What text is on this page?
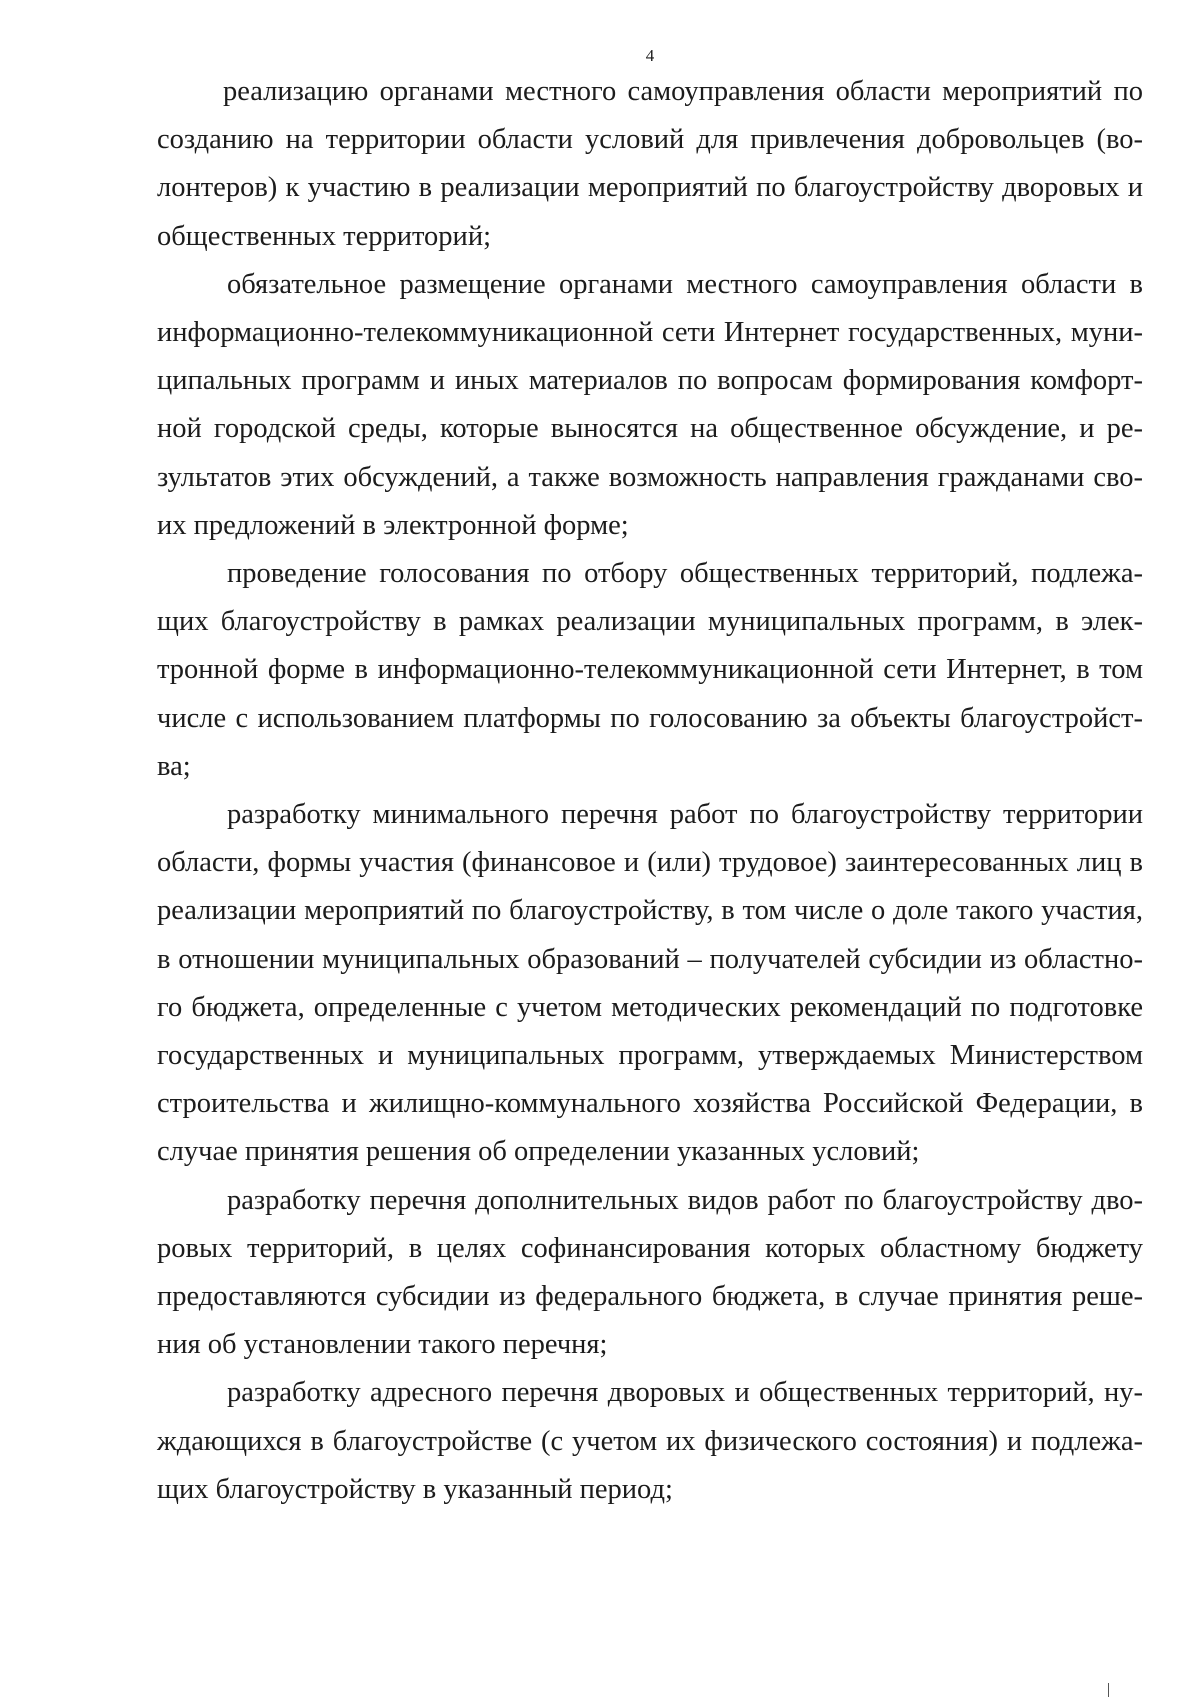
4

реализацию органами местного самоуправления области мероприятий по созданию на территории области условий для привлечения добровольцев (волонтеров) к участию в реализации мероприятий по благоустройству дворовых и общественных территорий;

обязательное размещение органами местного самоуправления области в информационно-телекоммуникационной сети Интернет государственных, муниципальных программ и иных материалов по вопросам формирования комфортной городской среды, которые выносятся на общественное обсуждение, и результатов этих обсуждений, а также возможность направления гражданами своих предложений в электронной форме;

проведение голосования по отбору общественных территорий, подлежащих благоустройству в рамках реализации муниципальных программ, в электронной форме в информационно-телекоммуникационной сети Интернет, в том числе с использованием платформы по голосованию за объекты благоустройства;

разработку минимального перечня работ по благоустройству территории области, формы участия (финансовое и (или) трудовое) заинтересованных лиц в реализации мероприятий по благоустройству, в том числе о доле такого участия, в отношении муниципальных образований – получателей субсидии из областного бюджета, определенные с учетом методических рекомендаций по подготовке государственных и муниципальных программ, утверждаемых Министерством строительства и жилищно-коммунального хозяйства Российской Федерации, в случае принятия решения об определении указанных условий;

разработку перечня дополнительных видов работ по благоустройству дворовых территорий, в целях софинансирования которых областному бюджету предоставляются субсидии из федерального бюджета, в случае принятия решения об установлении такого перечня;

разработку адресного перечня дворовых и общественных территорий, нуждающихся в благоустройстве (с учетом их физического состояния) и подлежащих благоустройству в указанный период;
